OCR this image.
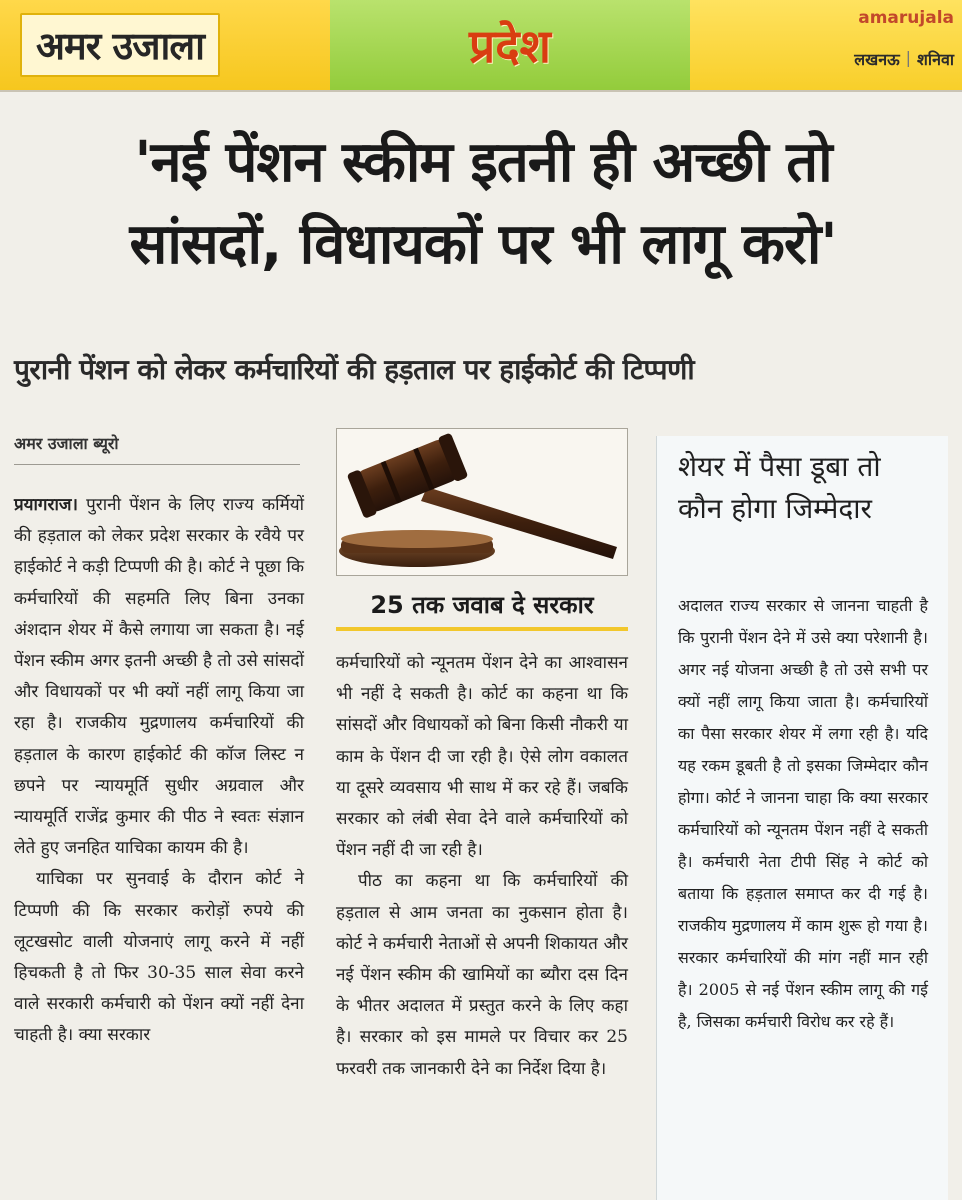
अमर उजाला	प्रदेश
amarujala
लखनऊ | शनिवा
'नई पेंशन स्कीम इतनी ही अच्छी तो
सांसदों, विधायकों पर भी लागू करो'
पुरानी पेंशन को लेकर कर्मचारियों की हड़ताल पर हाईकोर्ट की टिप्पणी
अमर उजाला ब्यूरो

प्रयागराज। पुरानी पेंशन के लिए राज्य कर्मियों की हड़ताल को लेकर प्रदेश सरकार के रवैये पर हाईकोर्ट ने कड़ी टिप्पणी की है। कोर्ट ने पूछा कि कर्मचारियों की सहमति लिए बिना उनका अंशदान शेयर में कैसे लगाया जा सकता है। नई पेंशन स्कीम अगर इतनी अच्छी है तो उसे सांसदों और विधायकों पर भी क्यों नहीं लागू किया जा रहा है। राजकीय मुद्रणालय कर्मचारियों की हड़ताल के कारण हाईकोर्ट की कॉज लिस्ट न छपने पर न्यायमूर्ति सुधीर अग्रवाल और न्यायमूर्ति राजेंद्र कुमार की पीठ ने स्वतः संज्ञान लेते हुए जनहित याचिका कायम की है।

याचिका पर सुनवाई के दौरान कोर्ट ने टिप्पणी की कि सरकार करोड़ों रुपये की लूटखसोट वाली योजनाएं लागू करने में नहीं हिचकती है तो फिर 30-35 साल सेवा करने वाले सरकारी कर्मचारी को पेंशन क्यों नहीं देना चाहती है। क्या सरकार

25 तक जवाब दे सरकार

कर्मचारियों को न्यूनतम पेंशन देने का आश्वासन भी नहीं दे सकती है। कोर्ट का कहना था कि सांसदों और विधायकों को बिना किसी नौकरी या काम के पेंशन दी जा रही है। ऐसे लोग वकालत या दूसरे व्यवसाय भी साथ में कर रहे हैं। जबकि सरकार को लंबी सेवा देने वाले कर्मचारियों को पेंशन नहीं दी जा रही है।

पीठ का कहना था कि कर्मचारियों की हड़ताल से आम जनता का नुकसान होता है। कोर्ट ने कर्मचारी नेताओं से अपनी शिकायत और नई पेंशन स्कीम की खामियों का ब्यौरा दस दिन के भीतर अदालत में प्रस्तुत करने के लिए कहा है। सरकार को इस मामले पर विचार कर 25 फरवरी तक जानकारी देने का निर्देश दिया है।

शेयर में पैसा डूबा तो कौन होगा जिम्मेदार

अदालत राज्य सरकार से जानना चाहती है कि पुरानी पेंशन देने में उसे क्या परेशानी है। अगर नई योजना अच्छी है तो उसे सभी पर क्यों नहीं लागू किया जाता है। कर्मचारियों का पैसा सरकार शेयर में लगा रही है। यदि यह रकम डूबती है तो इसका जिम्मेदार कौन होगा। कोर्ट ने जानना चाहा कि क्या सरकार कर्मचारियों को न्यूनतम पेंशन नहीं दे सकती है। कर्मचारी नेता टीपी सिंह ने कोर्ट को बताया कि हड़ताल समाप्त कर दी गई है। राजकीय मुद्रणालय में काम शुरू हो गया है। सरकार कर्मचारियों की मांग नहीं मान रही है। 2005 से नई पेंशन स्कीम लागू की गई है, जिसका कर्मचारी विरोध कर रहे हैं।
